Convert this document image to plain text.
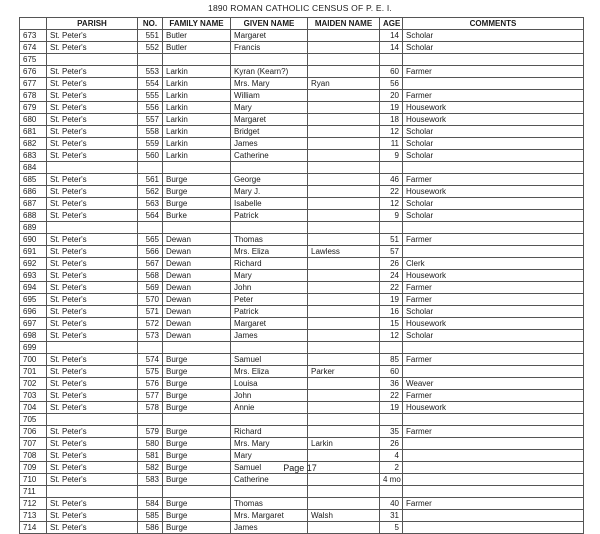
1890 ROMAN CATHOLIC CENSUS OF P. E. I.
	PARISH	NO.	FAMILY NAME	GIVEN NAME	MAIDEN NAME	AGE	COMMENTS
673	St. Peter's	551	Butler	Margaret		14	Scholar
674	St. Peter's	552	Butler	Francis		14	Scholar
675							
676	St. Peter's	553	Larkin	Kyran (Kearn?)		60	Farmer
677	St. Peter's	554	Larkin	Mrs. Mary	Ryan	56	
678	St. Peter's	555	Larkin	William		20	Farmer
679	St. Peter's	556	Larkin	Mary		19	Housework
680	St. Peter's	557	Larkin	Margaret		18	Housework
681	St. Peter's	558	Larkin	Bridget		12	Scholar
682	St. Peter's	559	Larkin	James		11	Scholar
683	St. Peter's	560	Larkin	Catherine		9	Scholar
684							
685	St. Peter's	561	Burge	George		46	Farmer
686	St. Peter's	562	Burge	Mary J.		22	Housework
687	St. Peter's	563	Burge	Isabelle		12	Scholar
688	St. Peter's	564	Burke	Patrick		9	Scholar
689							
690	St. Peter's	565	Dewan	Thomas		51	Farmer
691	St. Peter's	566	Dewan	Mrs. Eliza	Lawless	57	
692	St. Peter's	567	Dewan	Richard		26	Clerk
693	St. Peter's	568	Dewan	Mary		24	Housework
694	St. Peter's	569	Dewan	John		22	Farmer
695	St. Peter's	570	Dewan	Peter		19	Farmer
696	St. Peter's	571	Dewan	Patrick		16	Scholar
697	St. Peter's	572	Dewan	Margaret		15	Housework
698	St. Peter's	573	Dewan	James		12	Scholar
699							
700	St. Peter's	574	Burge	Samuel		85	Farmer
701	St. Peter's	575	Burge	Mrs. Eliza	Parker	60	
702	St. Peter's	576	Burge	Louisa		36	Weaver
703	St. Peter's	577	Burge	John		22	Farmer
704	St. Peter's	578	Burge	Annie		19	Housework
705							
706	St. Peter's	579	Burge	Richard		35	Farmer
707	St. Peter's	580	Burge	Mrs. Mary	Larkin	26	
708	St. Peter's	581	Burge	Mary		4	
709	St. Peter's	582	Burge	Samuel		2	
710	St. Peter's	583	Burge	Catherine		4 mo	
711							
712	St. Peter's	584	Burge	Thomas		40	Farmer
713	St. Peter's	585	Burge	Mrs. Margaret	Walsh	31	
714	St. Peter's	586	Burge	James		5	
Page 17
